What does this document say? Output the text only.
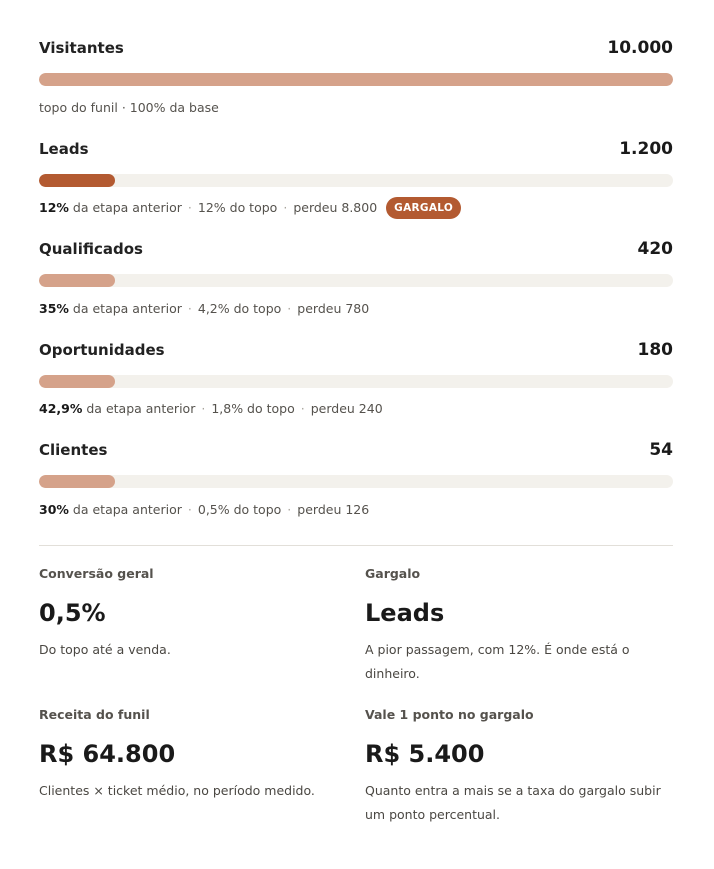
Visitantes	10.000
topo do funil · 100% da base
Leads	1.200
12% da etapa anterior · 12% do topo · perdeu 8.800	GARGALO
Qualificados	420
35% da etapa anterior · 4,2% do topo · perdeu 780
Oportunidades	180
42,9% da etapa anterior · 1,8% do topo · perdeu 240
Clientes	54
30% da etapa anterior · 0,5% do topo · perdeu 126
Conversão geral
0,5%
Do topo até a venda.
Gargalo
Leads
A pior passagem, com 12%. É onde está o dinheiro.
Receita do funil
R$ 64.800
Clientes × ticket médio, no período medido.
Vale 1 ponto no gargalo
R$ 5.400
Quanto entra a mais se a taxa do gargalo subir um ponto percentual.
